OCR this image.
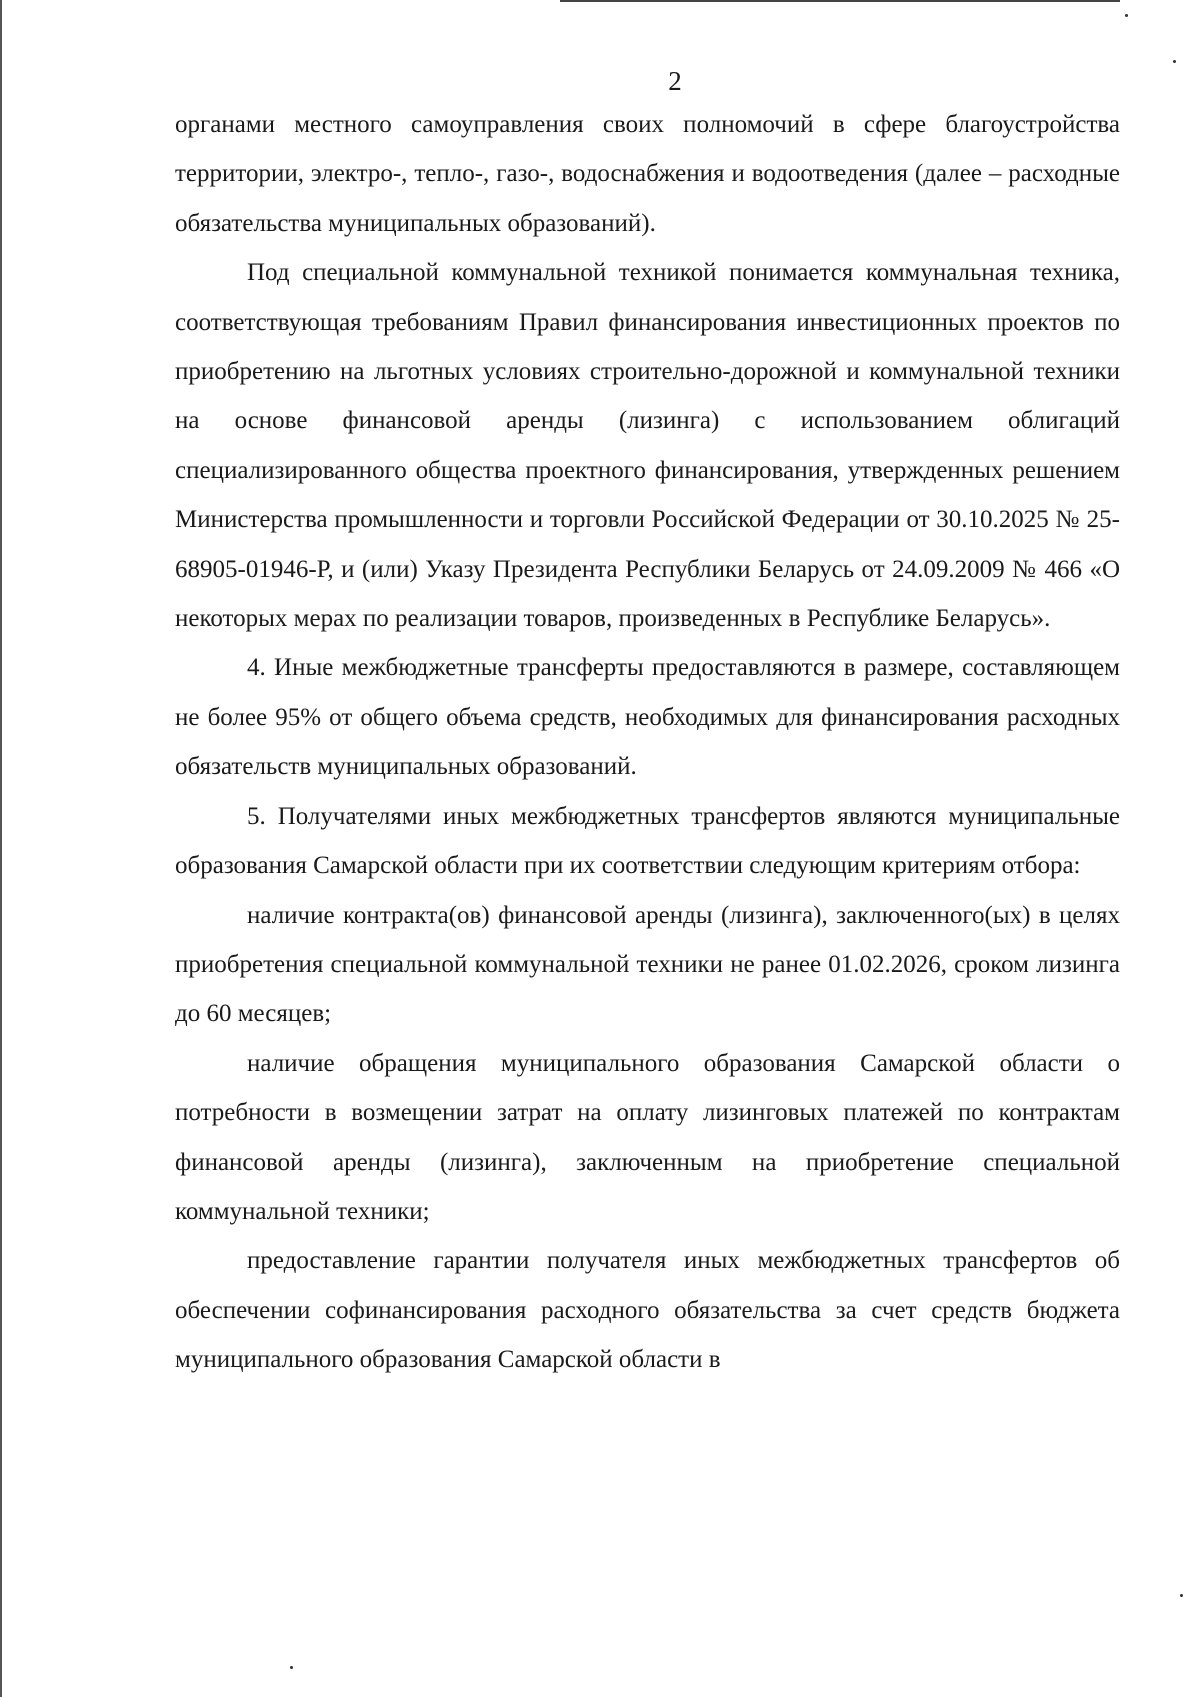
2

органами местного самоуправления своих полномочий в сфере благоустройства территории, электро-, тепло-, газо-, водоснабжения и водоотведения (далее – расходные обязательства муниципальных образований).

Под специальной коммунальной техникой понимается коммунальная техника, соответствующая требованиям Правил финансирования инвестиционных проектов по приобретению на льготных условиях строительно-дорожной и коммунальной техники на основе финансовой аренды (лизинга) с использованием облигаций специализированного общества проектного финансирования, утвержденных решением Министерства промышленности и торговли Российской Федерации от 30.10.2025 № 25-68905-01946-Р, и (или) Указу Президента Республики Беларусь от 24.09.2009 № 466 «О некоторых мерах по реализации товаров, произведенных в Республике Беларусь».

4. Иные межбюджетные трансферты предоставляются в размере, составляющем не более 95% от общего объема средств, необходимых для финансирования расходных обязательств муниципальных образований.

5. Получателями иных межбюджетных трансфертов являются муниципальные образования Самарской области при их соответствии следующим критериям отбора:

наличие контракта(ов) финансовой аренды (лизинга), заключенного(ых) в целях приобретения специальной коммунальной техники не ранее 01.02.2026, сроком лизинга до 60 месяцев;

наличие обращения муниципального образования Самарской области о потребности в возмещении затрат на оплату лизинговых платежей по контрактам финансовой аренды (лизинга), заключенным на приобретение специальной коммунальной техники;

предоставление гарантии получателя иных межбюджетных трансфертов об обеспечении софинансирования расходного обязательства за счет средств бюджета муниципального образования Самарской области в
